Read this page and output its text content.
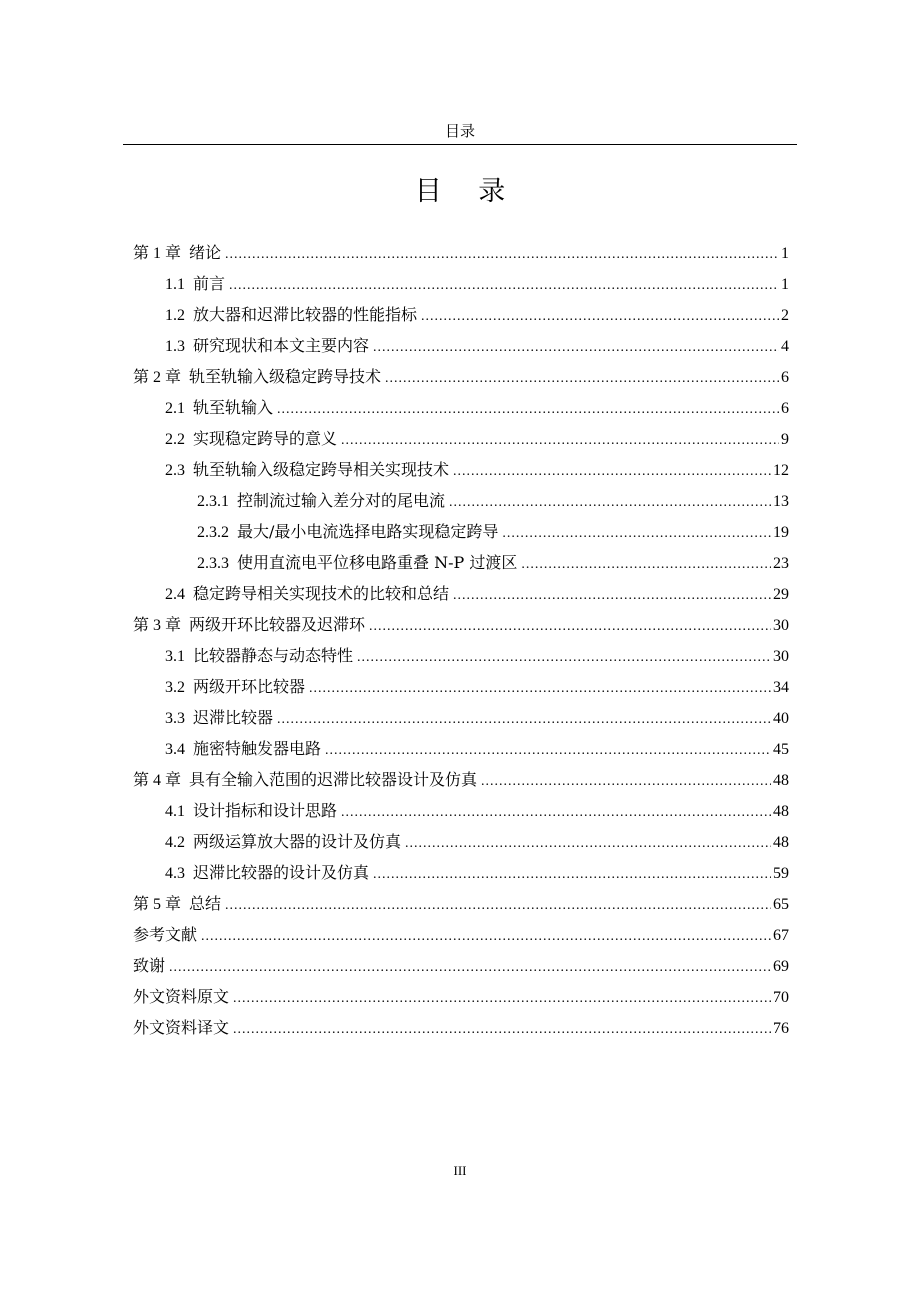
目录
目 录
第 1 章 绪论 .....	1
1.1 前言 .....	1
1.2 放大器和迟滞比较器的性能指标 .....	2
1.3 研究现状和本文主要内容 .....	4
第 2 章 轨至轨输入级稳定跨导技术 .....	6
2.1 轨至轨输入 .....	6
2.2 实现稳定跨导的意义 .....	9
2.3 轨至轨输入级稳定跨导相关实现技术 .....	12
2.3.1 控制流过输入差分对的尾电流 .....	13
2.3.2 最大/最小电流选择电路实现稳定跨导 .....	19
2.3.3 使用直流电平位移电路重叠 N-P 过渡区 .....	23
2.4 稳定跨导相关实现技术的比较和总结 .....	29
第 3 章 两级开环比较器及迟滞环 .....	30
3.1 比较器静态与动态特性 .....	30
3.2 两级开环比较器 .....	34
3.3 迟滞比较器 .....	40
3.4 施密特触发器电路 .....	45
第 4 章 具有全输入范围的迟滞比较器设计及仿真 .....	48
4.1 设计指标和设计思路 .....	48
4.2 两级运算放大器的设计及仿真 .....	48
4.3 迟滞比较器的设计及仿真 .....	59
第 5 章 总结 .....	65
参考文献 .....	67
致谢 .....	69
外文资料原文 .....	70
外文资料译文 .....	76
III
